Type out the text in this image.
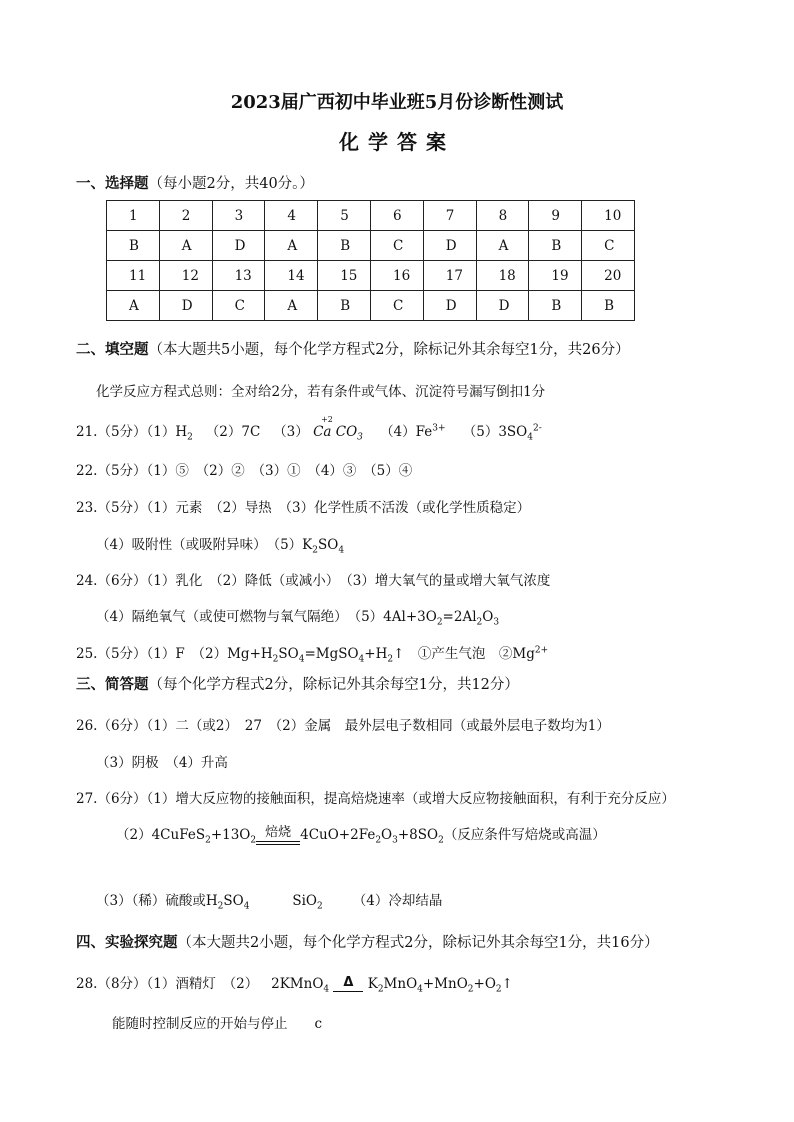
2023届广西初中毕业班5月份诊断性测试
化学答案
一、选择题（每小题2分，共40分。）
1	2	3	4	5	6	7	8	9	10
B	A	D	A	B	C	D	A	B	C
11	12	13	14	15	16	17	18	19	20
A	D	C	A	B	C	D	D	B	B
二、填空题（本大题共5小题，每个化学方程式2分，除标记外其余每空1分，共26分）
化学反应方程式总则：全对给2分，若有条件或气体、沉淀符号漏写倒扣1分
21.（5分）$(1)H_2$ （2）7C （3）
+2
Ca $CO_3$ $(4)Fe^{3+}$ $(5)3SO_4^{2-}$
22.（5分）（1）⑤　（2）②　（3）①　（4）③　（5）④
23.（5分）（1）元素　（2）导热　（3）化学性质不活泼（或化学性质稳定）
（4）吸附性（或吸附异味）　$(5)K_2SO_4$
24.（6分）（1）乳化　（2）降低（或减小）　（3）增大氧气的量或增大氧气浓度
（4）隔绝氧气（或使可燃物与氧气隔绝）　$(5)4Al+3O_2=2Al_2O_3$
25.（5分）（1）F　$(2)Mg+H_2SO_4=MgSO_4+H_2↑$　①产生气泡　$②Mg^{2+}$
三、简答题（每个化学方程式2分，除标记外其余每空1分，共12分）
26.（6分）（1）二（或2）　27　（2）金属　最外层电子数相同（或最外层电子数均为1）
（3）阴极　（4）升高
27.（6分）（1）增大反应物的接触面积，提高焙烧速率（或增大反应物接触面积，有利于充分反应）
$(2)4CuFeS_2+13O_2$
焙烧 $4CuO+2Fe_2O_3+8SO_2$（反应条件写焙烧或高温）
（3）（稀）硫酸或$H_2SO_4$	SiO$_2$ （4）冷却结晶
四、实验探究题（本大题共2小题，每个化学方程式2分，除标记外其余每空1分，共16分）
28.（8分）（1）酒精灯　（2） 2KMnO$_4$	Δ	$K_2MnO_4+MnO_2+O_2↑$
能随时控制反应的开始与停止　　c
